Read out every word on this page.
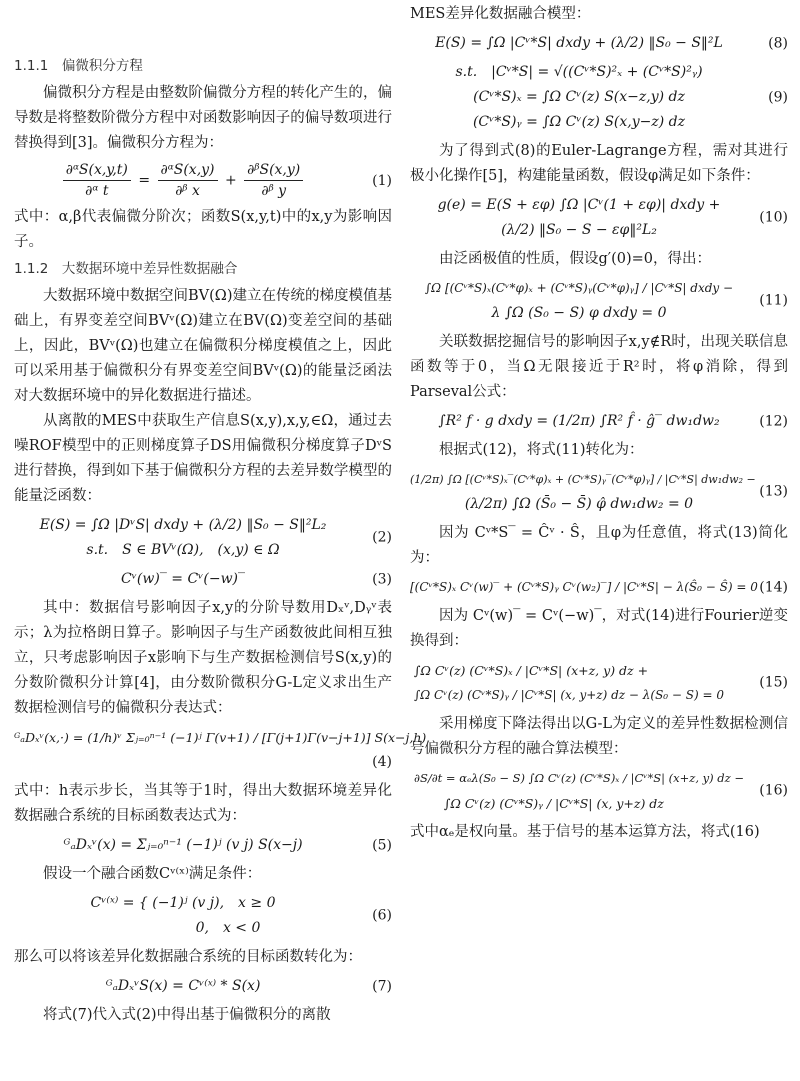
1.1.1　偏微积分方程

偏微积分方程是由整数阶偏微分方程的转化产生的，偏导数是将整数阶微分方程中对函数影响因子的偏导数项进行替换得到[3]。偏微积分方程为：

$\frac{\text{∂ᵅS(x,y,t)}}{\text{∂ᵅ t}} = \frac{\text{∂ᵅS(x,y)}}{\text{∂ᵝ x}} + \frac{\text{∂ᵝS(x,y)}}{\text{∂ᵝ y}}$	(1)

式中：α,β代表偏微分阶次；函数S(x,y,t)中的x,y为影响因子。

1.1.2　大数据环境中差异性数据融合

大数据环境中数据空间BV(Ω)建立在传统的梯度模值基础上，有界变差空间BVᵛ(Ω)建立在BV(Ω)变差空间的基础上，因此，BVᵛ(Ω)也建立在偏微积分梯度模值之上，因此可以采用基于偏微积分有界变差空间BVᵛ(Ω)的能量泛函法对大数据环境中的异化数据进行描述。

从离散的MES中获取生产信息S(x,y),x,y,∈Ω，通过去噪ROF模型中的正则梯度算子DS用偏微积分梯度算子DᵛS进行替换，得到如下基于偏微积分方程的去差异数学模型的能量泛函数：

E(S) = ∫Ω |DᵛS| dxdy + (λ/2) ‖S₀ − S‖²L₂
s.t.　S ∈ BVᵛ(Ω),　(x,y) ∈ Ω
(2)
Cᵛ(w)‾ = Cᵛ(−w)‾	(3)

其中：数据信号影响因子x,y的分阶导数用Dₓᵛ,Dᵧᵛ表示；λ为拉格朗日算子。影响因子与生产函数彼此间相互独立，只考虑影响因子x影响下与生产数据检测信号S(x,y)的分数阶微积分计算[4]，由分数阶微积分G-L定义求出生产数据检测信号的偏微积分表达式：

ᴳₐDₓᵛ(x,·) = (1/h)ᵛ Σⱼ₌₀ⁿ⁻¹ (−1)ʲ Γ(v+1) / [Γ(j+1)Γ(v−j+1)] S(x−j,h)
(4)

式中：h表示步长，当其等于1时，得出大数据环境差异化数据融合系统的目标函数表达式为：

ᴳₐDₓᵛ(x) = Σⱼ₌₀ⁿ⁻¹ (−1)ʲ (v j) S(x−j)	(5)

假设一个融合函数Cᵛ⁽ˣ⁾满足条件：

Cᵛ⁽ˣ⁾ = { (−1)ʲ (v j),　x ≥ 0
0,　x < 0
(6)

那么可以将该差异化数据融合系统的目标函数转化为：

ᴳₐDₓᵛS(x) = Cᵛ⁽ˣ⁾ * S(x)	(7)

将式(7)代入式(2)中得出基于偏微积分的离散

MES差异化数据融合模型：

E(S) = ∫Ω |Cᵛ*S| dxdy + (λ/2) ‖S₀ − S‖²L	(8)
s.t.　|Cᵛ*S| = √((Cᵛ*S)²ₓ + (Cᵛ*S)²ᵧ)
(Cᵛ*S)ₓ = ∫Ω Cᵛ(z) S(x−z,y) dz
(Cᵛ*S)ᵧ = ∫Ω Cᵛ(z) S(x,y−z) dz
(9)

为了得到式(8)的Euler-Lagrange方程，需对其进行极小化操作[5]，构建能量函数，假设φ满足如下条件：

g(e) = E(S + εφ) ∫Ω |Cᵛ(1 + εφ)| dxdy +
(λ/2) ‖S₀ − S − εφ‖²L₂
(10)

由泛函极值的性质，假设g′(0)=0，得出：

∫Ω [(Cᵛ*S)ₓ(Cᵛ*φ)ₓ + (Cᵛ*S)ᵧ(Cᵛ*φ)ᵧ] / |Cᵛ*S| dxdy −
λ ∫Ω (S₀ − S) φ dxdy = 0
(11)

关联数据挖掘信号的影响因子x,y∉R时，出现关联信息函数等于0，当Ω无限接近于R²时，将φ消除，得到Parseval公式：

∫R² f · g dxdy = (1/2π) ∫R² f̂ · ĝ‾ dw₁dw₂	(12)

根据式(12)，将式(11)转化为：

(1/2π) ∫Ω [(Cᵛ*S)ₓ‾(Cᵛ*φ)ₓ + (Cᵛ*S)ᵧ‾(Cᵛ*φ)ᵧ] / |Cᵛ*S| dw₁dw₂ −
(λ/2π) ∫Ω (S̄₀ − S̄) φ̂ dw₁dw₂ = 0
(13)

因为 Cᵛ*S‾ = Ĉᵛ · Ŝ，且φ为任意值，将式(13)简化为：

[(Cᵛ*S)ₓ Cᵛ(w)‾ + (Cᵛ*S)ᵧ Cᵛ(w₂)‾] / |Cᵛ*S| − λ(Ŝ₀ − Ŝ) = 0 (14)

因为 Cᵛ(w)‾ = Cᵛ(−w)‾，对式(14)进行Fourier逆变换得到：

∫Ω Cᵛ(z) (Cᵛ*S)ₓ / |Cᵛ*S| (x+z, y) dz +
∫Ω Cᵛ(z) (Cᵛ*S)ᵧ / |Cᵛ*S| (x, y+z) dz − λ(S₀ − S) = 0
(15)

采用梯度下降法得出以G-L为定义的差异性数据检测信号偏微积分方程的融合算法模型：

∂S/∂t = αₑλ(S₀ − S) ∫Ω Cᵛ(z) (Cᵛ*S)ₓ / |Cᵛ*S| (x+z, y) dz −
∫Ω Cᵛ(z) (Cᵛ*S)ᵧ / |Cᵛ*S| (x, y+z) dz
(16)

式中αₑ是权向量。基于信号的基本运算方法，将式(16)
